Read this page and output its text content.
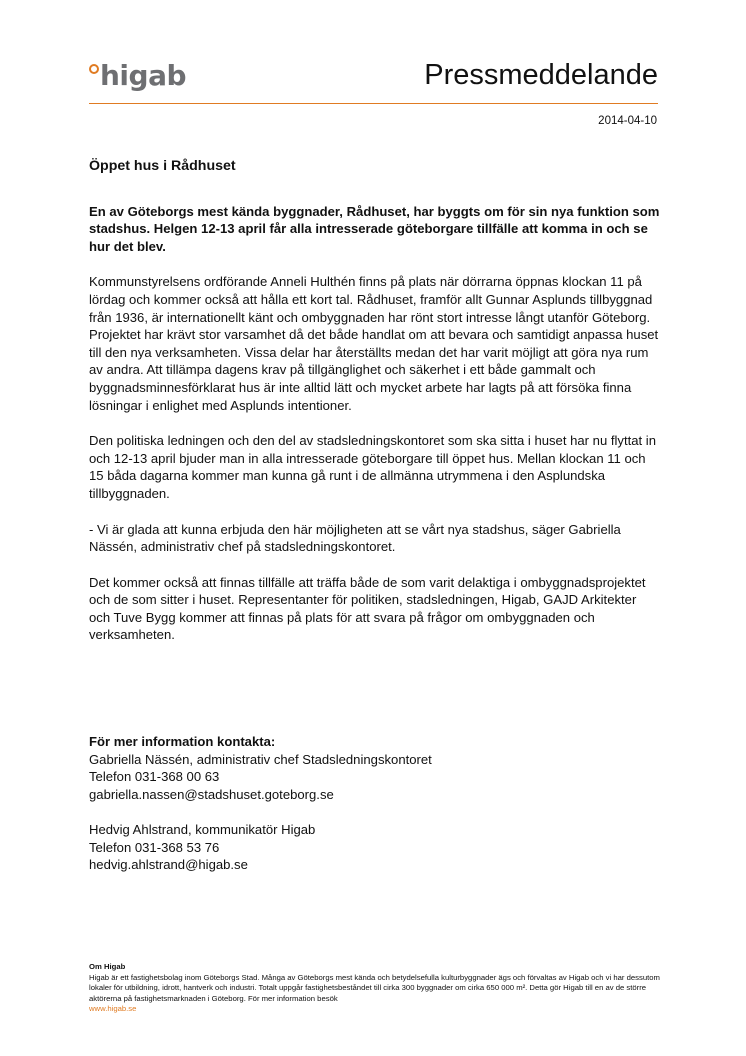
higab	Pressmeddelande
2014-04-10

Öppet hus i Rådhuset

En av Göteborgs mest kända byggnader, Rådhuset, har byggts om för sin nya funktion som stadshus. Helgen 12-13 april får alla intresserade göteborgare tillfälle att komma in och se hur det blev.

Kommunstyrelsens ordförande Anneli Hulthén finns på plats när dörrarna öppnas klockan 11 på lördag och kommer också att hålla ett kort tal. Rådhuset, framför allt Gunnar Asplunds tillbyggnad från 1936, är internationellt känt och ombyggnaden har rönt stort intresse långt utanför Göteborg. Projektet har krävt stor varsamhet då det både handlat om att bevara och samtidigt anpassa huset till den nya verksamheten. Vissa delar har återställts medan det har varit möjligt att göra nya rum av andra. Att tillämpa dagens krav på tillgänglighet och säkerhet i ett både gammalt och byggnadsminnesförklarat hus är inte alltid lätt och mycket arbete har lagts på att försöka finna lösningar i enlighet med Asplunds intentioner.

Den politiska ledningen och den del av stadsledningskontoret som ska sitta i huset har nu flyttat in och 12-13 april bjuder man in alla intresserade göteborgare till öppet hus. Mellan klockan 11 och 15 båda dagarna kommer man kunna gå runt i de allmänna utrymmena i den Asplundska tillbyggnaden.

- Vi är glada att kunna erbjuda den här möjligheten att se vårt nya stadshus, säger Gabriella Nässén, administrativ chef på stadsledningskontoret.

Det kommer också att finnas tillfälle att träffa både de som varit delaktiga i ombyggnadsprojektet och de som sitter i huset. Representanter för politiken, stadsledningen, Higab, GAJD Arkitekter och Tuve Bygg kommer att finnas på plats för att svara på frågor om ombyggnaden och verksamheten.

För mer information kontakta:
Gabriella Nässén, administrativ chef Stadsledningskontoret
Telefon 031-368 00 63
gabriella.nassen@stadshuset.goteborg.se
Hedvig Ahlstrand, kommunikatör Higab
Telefon 031-368 53 76
hedvig.ahlstrand@higab.se
Om Higab
Higab är ett fastighetsbolag inom Göteborgs Stad. Många av Göteborgs mest kända och betydelsefulla kulturbyggnader ägs och förvaltas av Higab och vi har dessutom lokaler för utbildning, idrott, hantverk och industri. Totalt uppgår fastighetsbeståndet till cirka 300 byggnader om cirka 650 000 m². Detta gör Higab till en av de större aktörerna på fastighetsmarknaden i Göteborg. För mer information besök
www.higab.se
